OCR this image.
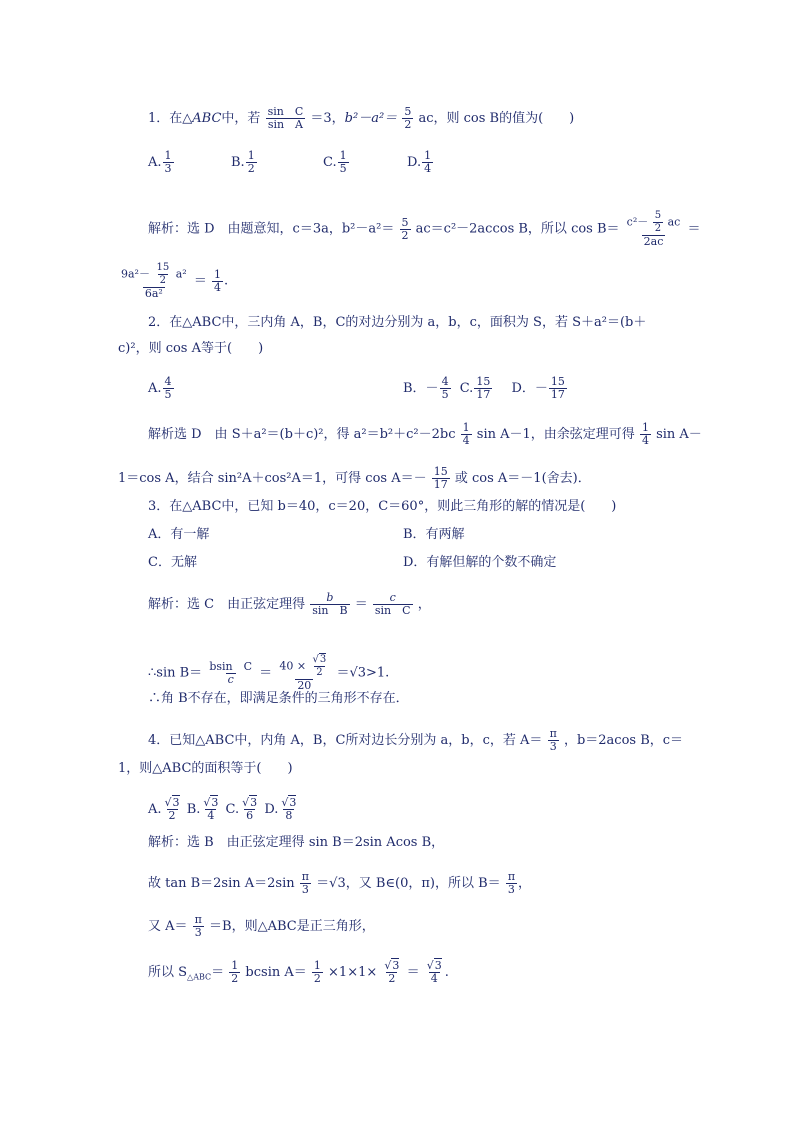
1．在△ABC中，若 $\frac{\text{sin　C}}{\text{sin　A}} =3$，$b^2-a^2= \frac{5}{2}$ ac，则 cos B的值为(　　)
A. $\frac{1}{3}$	B. $\frac{1}{2}$	C. $\frac{1}{5}$	D. $\frac{1}{4}$
解析：选 D　由题意知，c＝3a，$b^2-a^2= \frac{5}{2} ac=c^2-2accos$ B，所以 $\cos B= \frac{c^2- \frac{5}{2} ac}{2ac}$ ＝
$\frac{9a^2- \frac{15}{2} a^2}{\text{6a²}} = \frac{1}{4}$ .
2．在△ABC中，三内角 A，B，C的对边分别为 a，b，c，面积为 S，若 S＋a²＝(b＋
c)²，则 cos A等于(　　)
A. $\frac{4}{5}$	B．－ $\frac{4}{5} C$. $\frac{15}{17}$ D．－ $\frac{15}{17}$
解析选 D　由 S＋a²＝(b＋c)²，得 $a^2=b^2+c^2-2bc \frac{1}{4}$ sin A－1，由余弦定理可得 $\frac{1}{4}$ sin A－
1＝cos A，结合 sin²A＋cos²A＝1，可得 $\cos A=- \frac{15}{17}$ 或 cos A＝－1(舍去)．
3．在△ABC中，已知 b＝40，c＝20，C＝60°，则此三角形的解的情况是(　　)
A．有一解	B．有两解
C．无解	D．有解但解的个数不确定
解析：选 C　由正弦定理得 $\frac{b}{\text{sin　B}} = \frac{c}{\text{sin　C}}$ ，
∴sin $B= \frac{\text{bsin　C}}{c} = \frac{40 \times \frac{√3}{2}}{20} =√3>1$.
∴角 B不存在，即满足条件的三角形不存在．
4．已知△ABC中，内角 A，B，C所对边长分别为 a，b，c，若 $A= \frac{\pi}{3}$ ，b＝2acos B，c＝
1，则△ABC的面积等于(　　)
A. $\frac{√3}{2} B$. $\frac{√3}{4} C$. $\frac{√3}{6} D$. $\frac{√3}{8}$
解析：选 B　由正弦定理得 sin B＝2sin Acos B，
故 tan B＝2sin $A=2\sin \frac{\pi}{3} =√3$，又 B∈(0，π)，所以 $B= \frac{\pi}{3}$ ，
又 $A= \frac{\pi}{3} =B$，则△ABC是正三角形，
所以 $S_{\triangle ABC}= \frac{1}{2}$ bcsin $A= \frac{1}{2} \times 1\times 1\times \frac{√3}{2} = \frac{√3}{4}$ .
